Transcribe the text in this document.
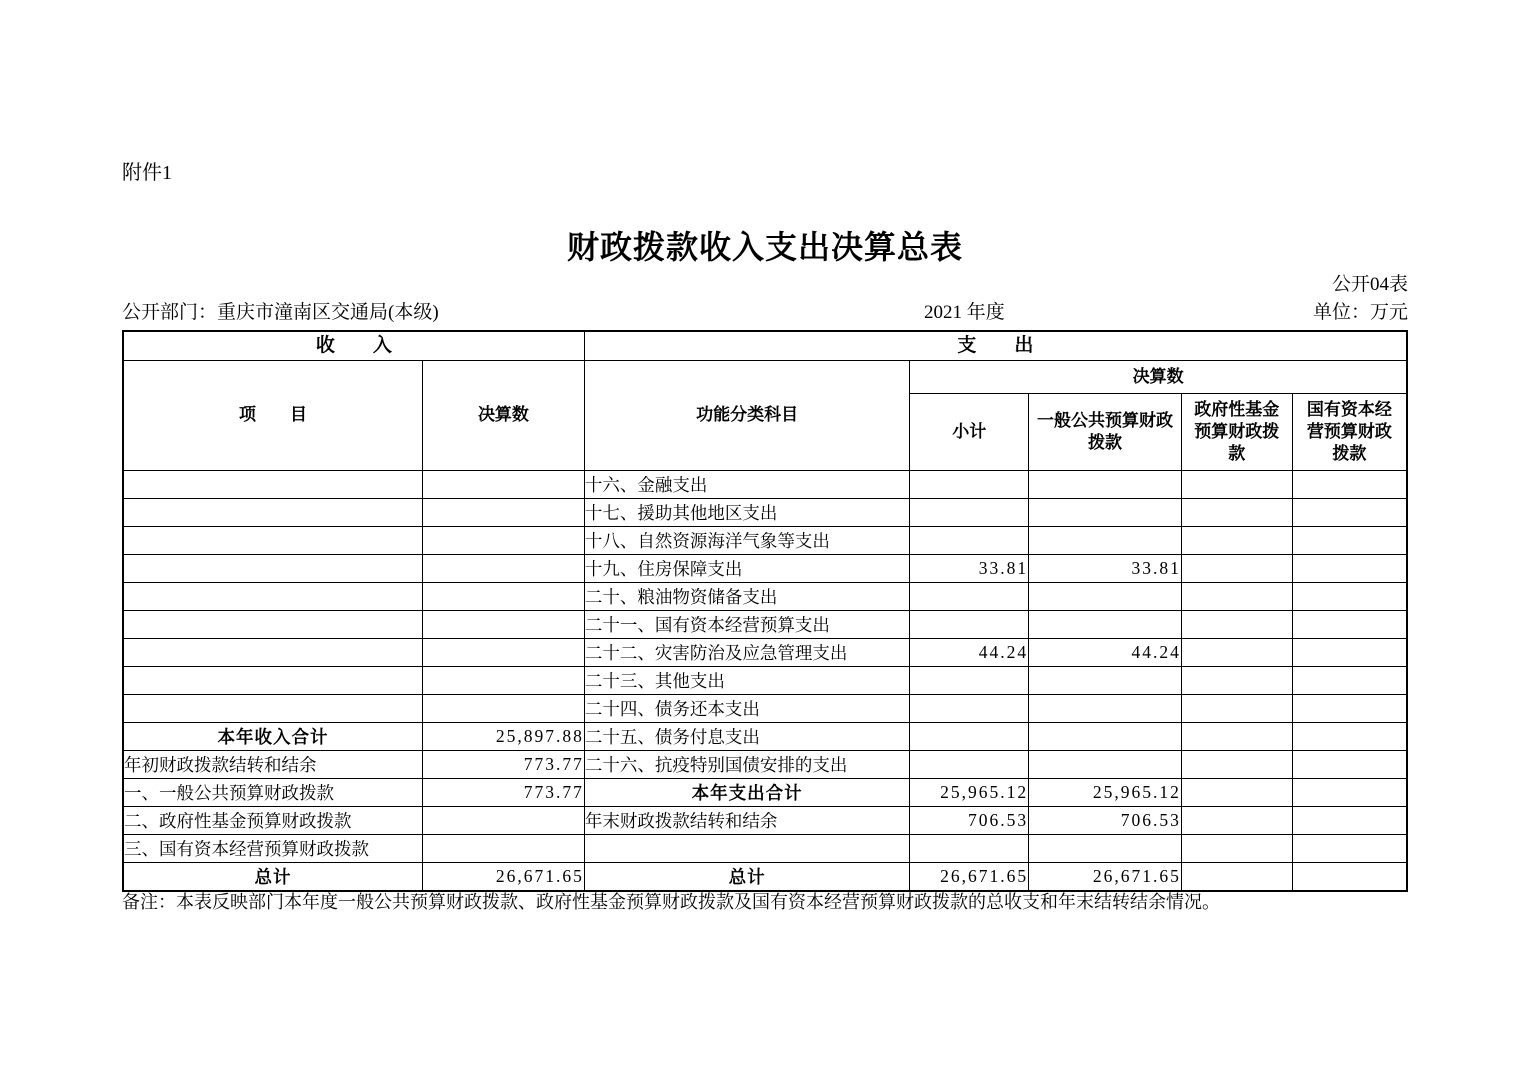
附件1
财政拨款收入支出决算总表
公开04表
公开部门：重庆市潼南区交通局(本级)	2021 年度	单位：万元
收　　入		支　　出				
项　　目	决算数	功能分类科目	决算数			
			小计	一般公共预算财政拨款	政府性基金预算财政拨款	国有资本经营预算财政拨款
		十六、金融支出				
		十七、援助其他地区支出				
		十八、自然资源海洋气象等支出				
		十九、住房保障支出	33.81	33.81		
		二十、粮油物资储备支出				
		二十一、国有资本经营预算支出				
		二十二、灾害防治及应急管理支出	44.24	44.24		
		二十三、其他支出				
		二十四、债务还本支出				
本年收入合计	25,897.88	二十五、债务付息支出				
年初财政拨款结转和结余	773.77	二十六、抗疫特别国债安排的支出				
一、一般公共预算财政拨款	773.77	本年支出合计	25,965.12	25,965.12		
二、政府性基金预算财政拨款		年末财政拨款结转和结余	706.53	706.53		
三、国有资本经营预算财政拨款						
总计	26,671.65	总计	26,671.65	26,671.65		
备注：本表反映部门本年度一般公共预算财政拨款、政府性基金预算财政拨款及国有资本经营预算财政拨款的总收支和年末结转结余情况。
